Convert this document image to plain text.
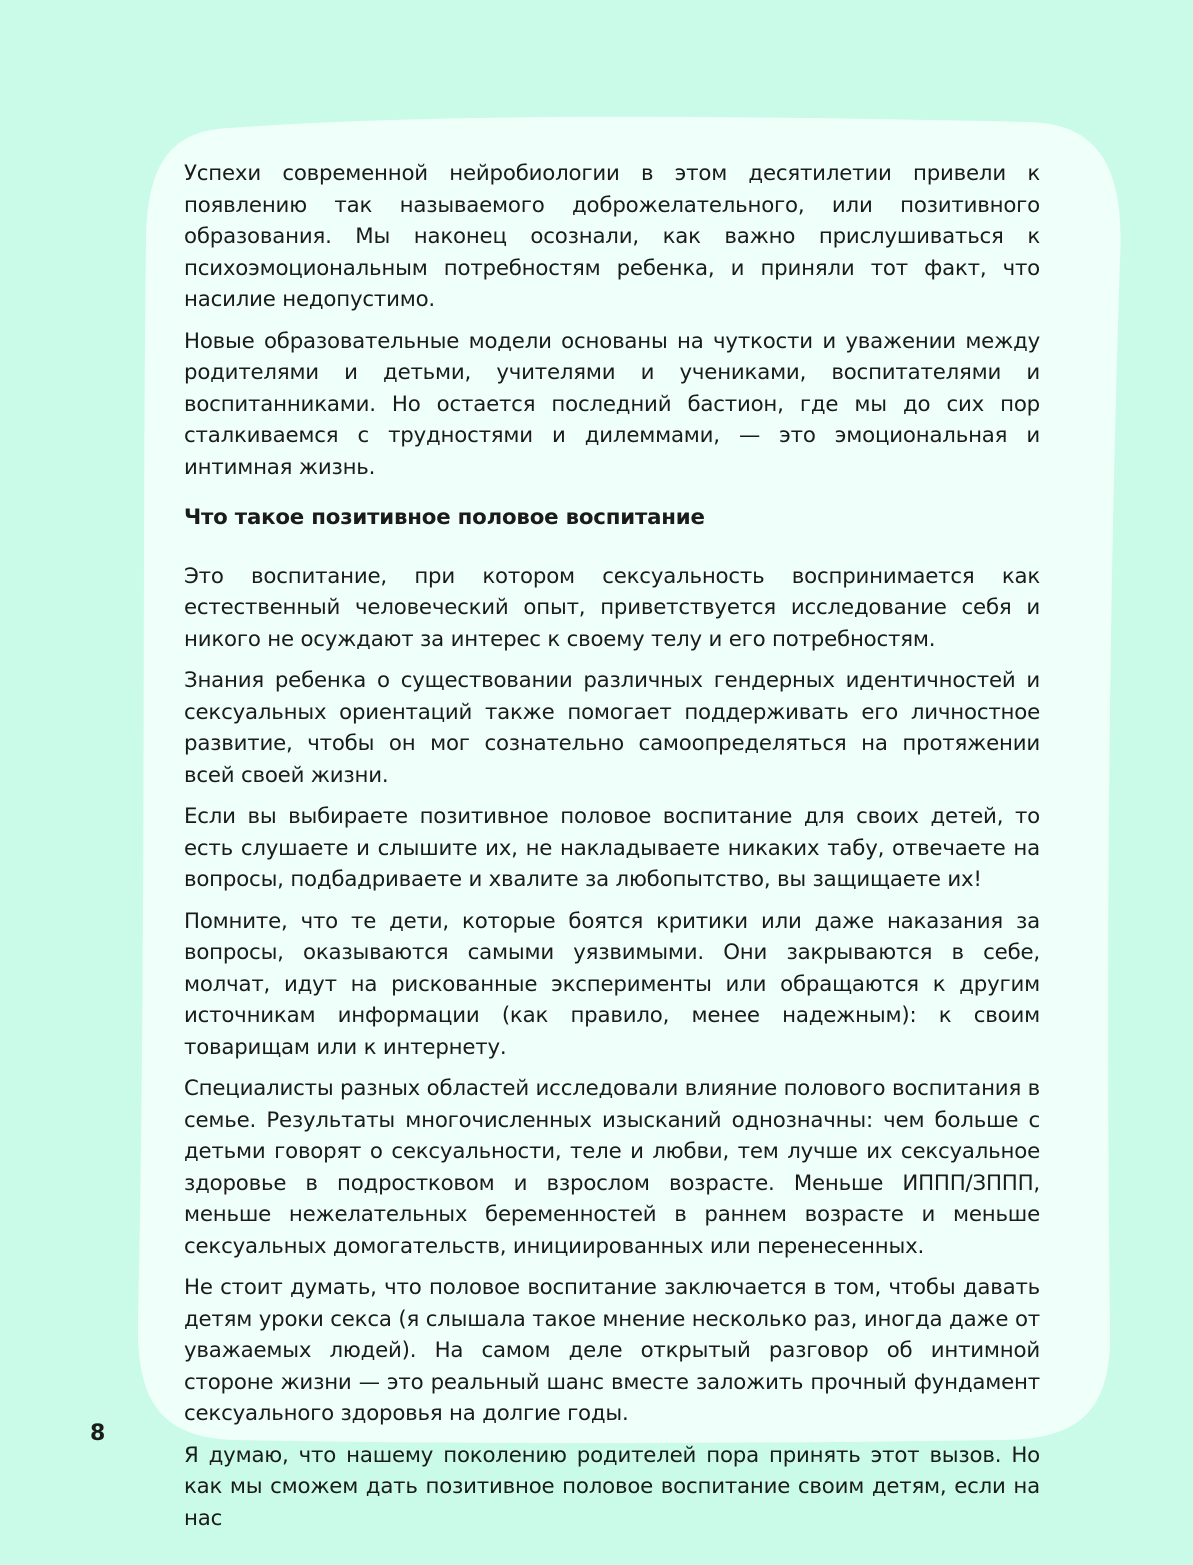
Успехи современной нейробиологии в этом десятилетии привели к появлению так называемого доброжелательного, или позитивного образования. Мы наконец осознали, как важно прислушиваться к психоэмоциональным потребностям ребенка, и приняли тот факт, что насилие недопустимо.

Новые образовательные модели основаны на чуткости и уважении между родителями и детьми, учителями и учениками, воспитателями и воспитанниками. Но остается последний бастион, где мы до сих пор сталкиваемся с трудностями и дилеммами, — это эмоциональная и интимная жизнь.

Что такое позитивное половое воспитание

Это воспитание, при котором сексуальность воспринимается как естественный человеческий опыт, приветствуется исследование себя и никого не осуждают за интерес к своему телу и его потребностям.

Знания ребенка о существовании различных гендерных идентичностей и сексуальных ориентаций также помогает поддерживать его личностное развитие, чтобы он мог сознательно самоопределяться на протяжении всей своей жизни.

Если вы выбираете позитивное половое воспитание для своих детей, то есть слушаете и слышите их, не накладываете никаких табу, отвечаете на вопросы, подбадриваете и хвалите за любопытство, вы защищаете их!

Помните, что те дети, которые боятся критики или даже наказания за вопросы, оказываются самыми уязвимыми. Они закрываются в себе, молчат, идут на рискованные эксперименты или обращаются к другим источникам информации (как правило, менее надежным): к своим товарищам или к интернету.

Специалисты разных областей исследовали влияние полового воспитания в семье. Результаты многочисленных изысканий однозначны: чем больше с детьми говорят о сексуальности, теле и любви, тем лучше их сексуальное здоровье в подростковом и взрослом возрасте. Меньше ИППП/ЗППП, меньше нежелательных беременностей в раннем возрасте и меньше сексуальных домогательств, инициированных или перенесенных.

Не стоит думать, что половое воспитание заключается в том, чтобы давать детям уроки секса (я слышала такое мнение несколько раз, иногда даже от уважаемых людей). На самом деле открытый разговор об интимной стороне жизни — это реальный шанс вместе заложить прочный фундамент сексуального здоровья на долгие годы.

Я думаю, что нашему поколению родителей пора принять этот вызов. Но как мы сможем дать позитивное половое воспитание своим детям, если на нас

8
